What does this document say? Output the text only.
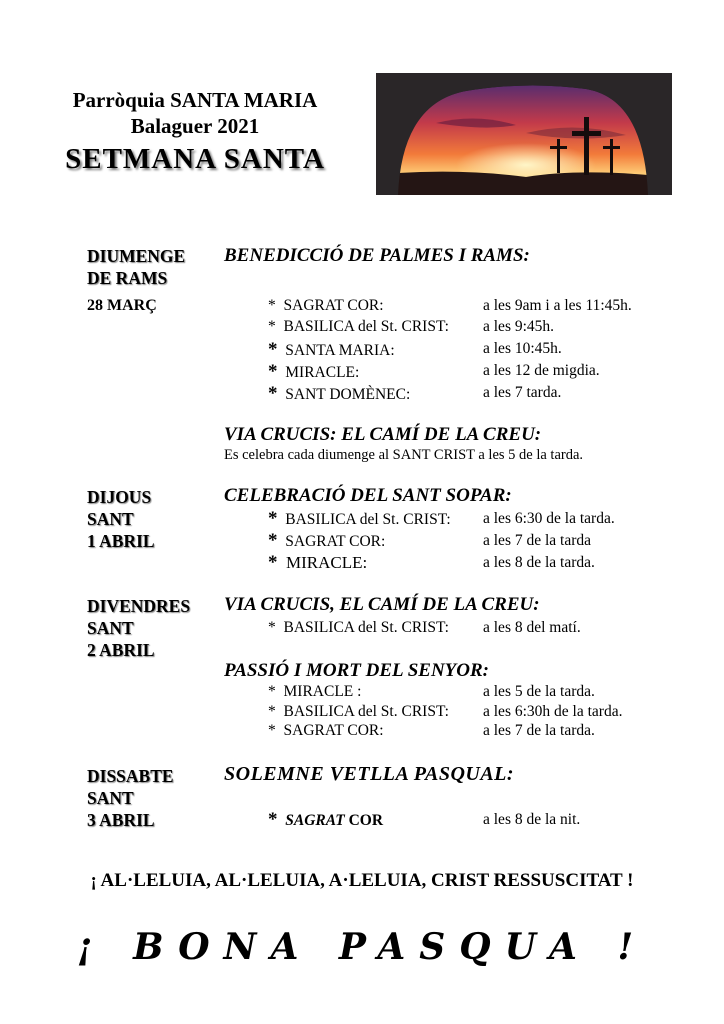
Parròquia SANTA MARIA
Balaguer 2021
SETMANA SANTA
DIUMENGE
DE RAMS
28 MARÇ
BENEDICCIÓ DE PALMES I RAMS:
* SAGRAT COR:	a les 9am i a les 11:45h.
* BASILICA del St. CRIST: a les 9:45h.
* SANTA MARIA:	a les 10:45h.
* MIRACLE:	a les 12 de migdia.
* SANT DOMÈNEC:	a les 7 tarda.
VIA CRUCIS: EL CAMÍ DE LA CREU:
Es celebra cada diumenge al SANT CRIST a les 5 de la tarda.
DIJOUS
SANT
1 ABRIL
CELEBRACIÓ DEL SANT SOPAR:
* BASILICA del St. CRIST: a les 6:30 de la tarda.
* SAGRAT COR:	a les 7 de la tarda
* MIRACLE:	a les 8 de la tarda.
DIVENDRES
SANT
2 ABRIL
VIA CRUCIS, EL CAMÍ DE LA CREU:
* BASILICA del St. CRIST: a les 8 del matí.
PASSIÓ I MORT DEL SENYOR:
* MIRACLE :	a les 5 de la tarda.
* BASILICA del St. CRIST: a les 6:30h de la tarda.
* SAGRAT COR:	a les 7 de la tarda.
DISSABTE
SANT
3 ABRIL
SOLEMNE VETLLA PASQUAL:
* SAGRAT COR	a les 8 de la nit.
¡ AL·LELUIA, AL·LELUIA, A·LELUIA, CRIST RESSUSCITAT !
¡ BONA PASQUA !
